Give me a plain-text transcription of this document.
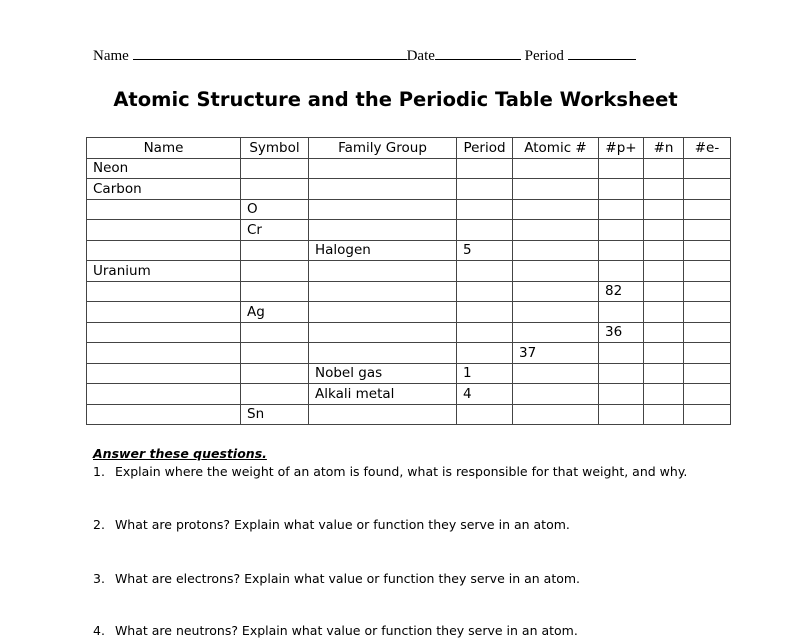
Name	Date	Period
Atomic Structure and the Periodic Table Worksheet
Name	Symbol	Family Group	Period	Atomic #	#p+	#n	#e-
Neon							
Carbon							
	O						
	Cr						
		Halogen	5				
Uranium							
					82		
	Ag						
					36		
				37			
		Nobel gas	1				
		Alkali metal	4				
	Sn						
Answer these questions.
1. Explain where the weight of an atom is found, what is responsible for that weight, and why.
2. What are protons? Explain what value or function they serve in an atom.
3. What are electrons? Explain what value or function they serve in an atom.
4. What are neutrons? Explain what value or function they serve in an atom.
